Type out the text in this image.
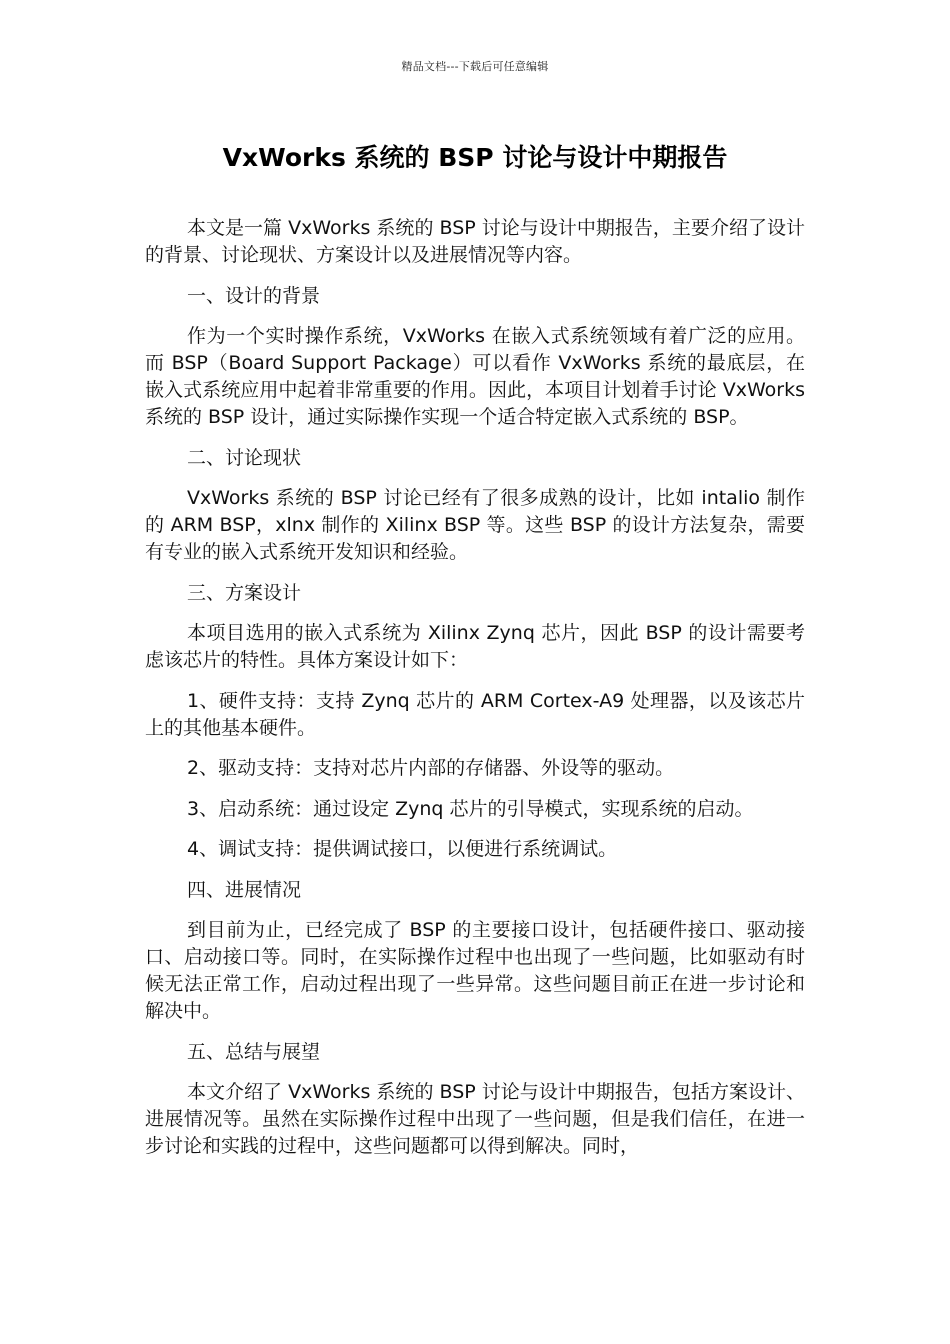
精品文档---下载后可任意编辑
VxWorks 系统的 BSP 讨论与设计中期报告

本文是一篇 VxWorks 系统的 BSP 讨论与设计中期报告，主要介绍了设计的背景、讨论现状、方案设计以及进展情况等内容。

一、设计的背景

作为一个实时操作系统，VxWorks 在嵌入式系统领域有着广泛的应用。而 BSP（Board Support Package）可以看作 VxWorks 系统的最底层，在嵌入式系统应用中起着非常重要的作用。因此，本项目计划着手讨论 VxWorks 系统的 BSP 设计，通过实际操作实现一个适合特定嵌入式系统的 BSP。

二、讨论现状

VxWorks 系统的 BSP 讨论已经有了很多成熟的设计，比如 intalio 制作的 ARM BSP，xlnx 制作的 Xilinx BSP 等。这些 BSP 的设计方法复杂，需要有专业的嵌入式系统开发知识和经验。

三、方案设计

本项目选用的嵌入式系统为 Xilinx Zynq 芯片，因此 BSP 的设计需要考虑该芯片的特性。具体方案设计如下：

1、硬件支持：支持 Zynq 芯片的 ARM Cortex-A9 处理器，以及该芯片上的其他基本硬件。

2、驱动支持：支持对芯片内部的存储器、外设等的驱动。

3、启动系统：通过设定 Zynq 芯片的引导模式，实现系统的启动。

4、调试支持：提供调试接口，以便进行系统调试。

四、进展情况

到目前为止，已经完成了 BSP 的主要接口设计，包括硬件接口、驱动接口、启动接口等。同时，在实际操作过程中也出现了一些问题，比如驱动有时候无法正常工作，启动过程出现了一些异常。这些问题目前正在进一步讨论和解决中。

五、总结与展望

本文介绍了 VxWorks 系统的 BSP 讨论与设计中期报告，包括方案设计、进展情况等。虽然在实际操作过程中出现了一些问题，但是我们信任，在进一步讨论和实践的过程中，这些问题都可以得到解决。同时，
